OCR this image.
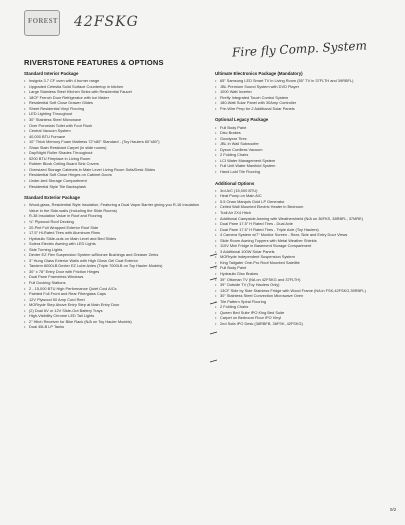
FOREST 42FSKG
Fire fly Comp. System
RIVERSTONE FEATURES & OPTIONS
Standard Interior Package
• Insignia 3.7 CF oven with 4 burner range
• Upgraded Celestia Solid Surface Countertop in kitchen
• Large Stainless Steel Kitchen Sinks with Residential Faucet
• 18CF French Door Refrigerator with Ice Maker
• Residential Soft Close Drawer Glides
• Sheet Residential Vinyl Flooring
• LED Lighting Throughout
• 30" Stainless Steel Microwave
• Over Porcelain Toilet with Foot Flush
• Central Vacuum System
• 40,000 BTU Furnace
• 10" Thick Memory Foam Mattress 72"x80" Standard - (Toy Haulers 60"x80")
• Shaw Stain Resistant Carpet (in slide rooms)
• Day/Night Roller Shades Throughout
• 5200 BTU Fireplace in Living Room
• Rubber Block Ceiling Board Sink Covers
• Oversized Storage Cabinets in Main Level Living Room Sofa/Desk Slides
• Residential Soft Close Hinges on Cabinet Doors
• Under-bed Storage Compartment
• Residential Style Tile Backsplash
Standard Exterior Package
• Wood-glass, Residential Style Insulation, Featuring a Dual Vapor Barrier giving you R-16 Insulation Value in the Side-walls (Including the Slide Rooms)
• R-38 Insulation Value in Roof and Flooring
• ¾" Plywood Roof Decking
• 20-Pint Full Wrapped Exterior Roof Side
• 17.5" Hi-Rated Tires with Aluminum Rims
• Hydraulic Slide-outs on Main Level and Bed Slides
• Solera Electric Awning with LED Lights
• Side Turning Lights
• Dexter EZ Flex Suspension System w/Bronze Bushings and Greaser Zerks
• 3" Hung Glass Exterior Walls with High Gloss Gel Coat Exterior
• Tandem 8000LB Dexter EZ Lube Axles (Triple 7000LB on Toy Hauler Models)
• 30" x 78" Entry Door with Friction Hinges
• Dual Pane Frameless Windows
• Full Docking Stations
• 2 - 15,000 BTU High Performance Quiet Cool A/Cs
• Painted Full Front and Rear Fiberglass Caps
• 12V Plywood 50 Amp Cord Reel
• MORryde Step Above Entry Step at Main Entry Door
• (2) Dual 6V or 12V Slide-Out Battery Trays
• High-Visibility Chrome LED Tail Lights
• 2" Hitch Receiver for Bike Rack (N/A on Toy Hauler Models)
• Dual 45LB LP Tanks
Ultimate Electronics Package (Mandatory)
• 65" Samsung LED Smart TV in Living Room (55" TV in 37FLTH and 39RBFL)
• JBL Premium Sound System with DVD Player
• 1000 Watt Inverter
• Firefly Integrated Touch Control System
• 180-Watt Solar Panel with 30Amp Controller
• Pre-Wire Prep for 2 Additional Solar Panels
Optional Legacy Package
• Full Body Paint
• Disc Brakes
• Goodyear Tires
• JBL in Wall Subwoofer
• Dyson Cordless Vacuum
• 2 Folding Chairs
• LCI Water Management System
• Full Unit Water Manifold System
• Hand Laid Tile Flooring
Additional Options
• 3rd A/C (15,000 BTU)
• Heat Pump on Main A/C
• 5.5 Onan Marquis Gold LP Generator
• Ceiled Wall Mounted Electric Heater in Bedroom
• Trail Air 2X4 Hitch
• Additional Campside Awning with Weathershield (N/A on 36FKS, 38RBFL, 37MRE)
• Dual Pane 17.5" H Rated Tires - Dual Axle
• Dual Pane 17.5" H Rated Tires - Triple Axle (Toy Haulers)
• 4 Camera System w/7" Monitor Screen - Rear, Side and Entry Door Views
• Slide Room Awning Toppers with Metal Weather Shields
• 110V Mini Fridge in Basement Storage Compartment
• 3 Additional 100W Solar Panels
• MORryde Independent Suspension System
• King Tailgater One-Pro Roof Mounted Satellite
• Full Body Paint
• Hydraulic Disc Brakes
• 39" Ottoman TV (NA on 42FSKG and 37FLTH)
• 39" Outside TV (Toy Haulers Only)
• 13CF Side by Side Stainless Fridge with Wood Frame (NA in FSK,42FSKG,39RBFL)
• 30" Stainless Steel Convection Microwave Oven
• Tile Pattern Spiral Flooring
• 2 Folding Chairs
• Queen Bed Suite IPO King Bed Suite
• Carpet on Bedroom Floor IPO Vinyl
• 2nd Sofa IPO Desk (38RBFB, 36FSK, 42FSKG)
9/2
